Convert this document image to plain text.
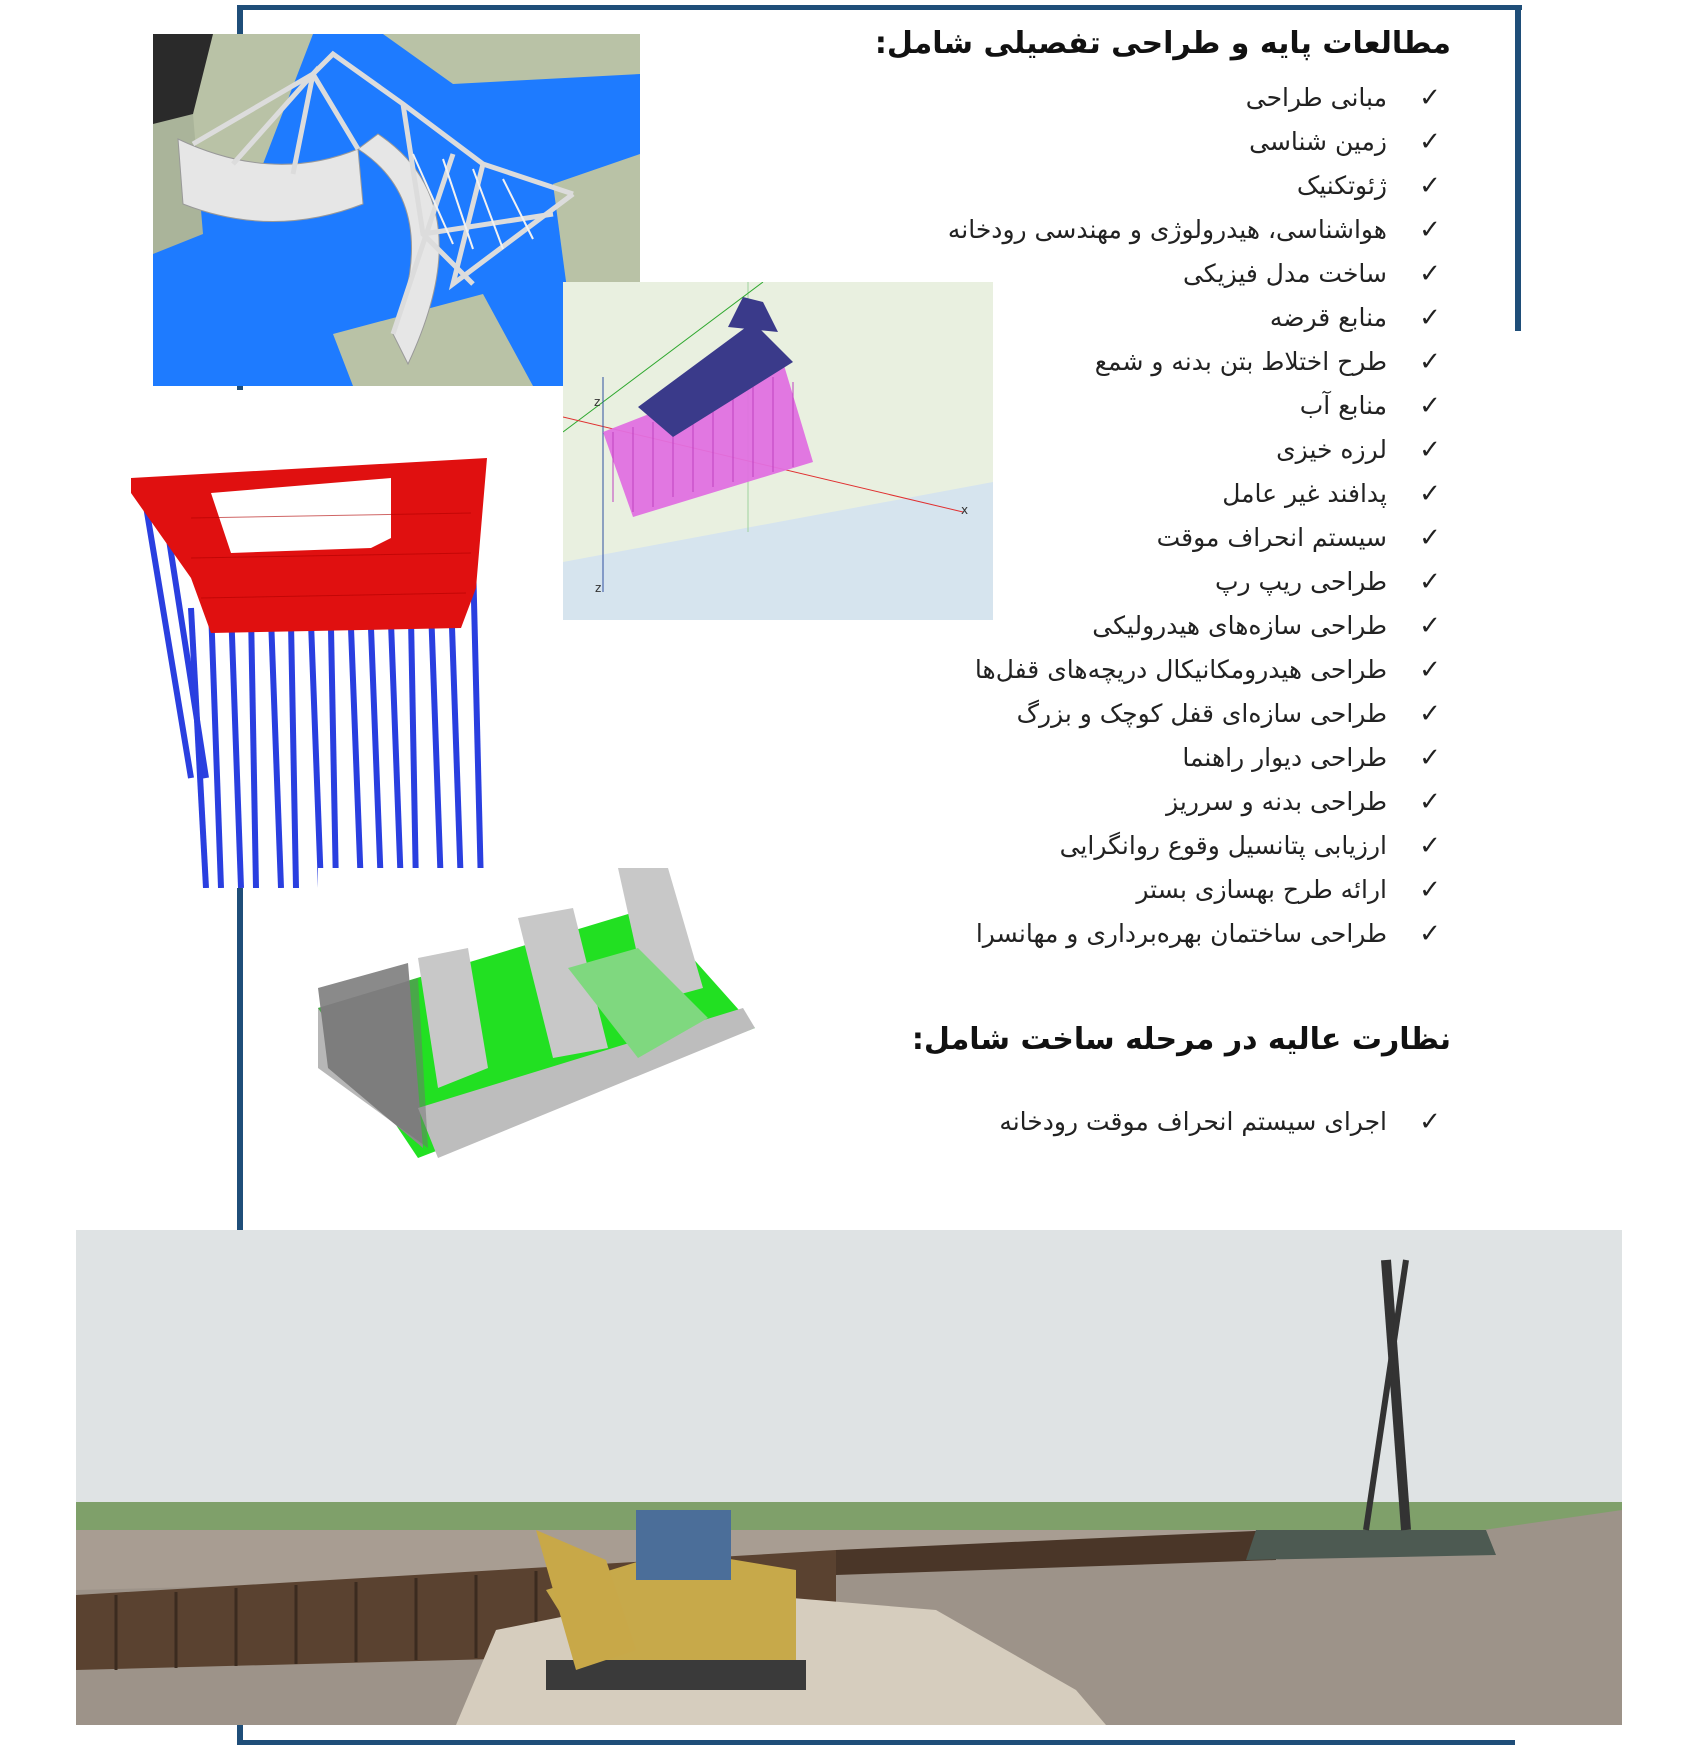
مطالعات پایه و طراحی تفصیلی شامل:
✓
مبانی طراحی
✓
زمین شناسی
✓
ژئوتکنیک
✓
هواشناسی، هیدرولوژی و مهندسی رودخانه
✓
ساخت مدل فیزیکی
✓
منابع قرضه
✓
طرح اختلاط بتن بدنه و شمع
✓
منابع آب
✓
لرزه خیزی
✓
پدافند غیر عامل
✓
سیستم انحراف موقت
✓
طراحی ریپ رپ
✓
طراحی سازه‌های هیدرولیکی
✓
طراحی هیدرومکانیکال دریچه‌های قفل‌ها
✓
طراحی سازه‌ای قفل کوچک و بزرگ
✓
طراحی دیوار راهنما
✓
طراحی بدنه و سرریز
✓
ارزیابی پتانسیل وقوع روانگرایی
✓
ارائه طرح بهسازی بستر
✓
طراحی ساختمان بهره‌برداری و مهانسرا
نظارت عالیه در مرحله ساخت شامل:
✓
اجرای سیستم انحراف موقت رودخانه
z
x
z
